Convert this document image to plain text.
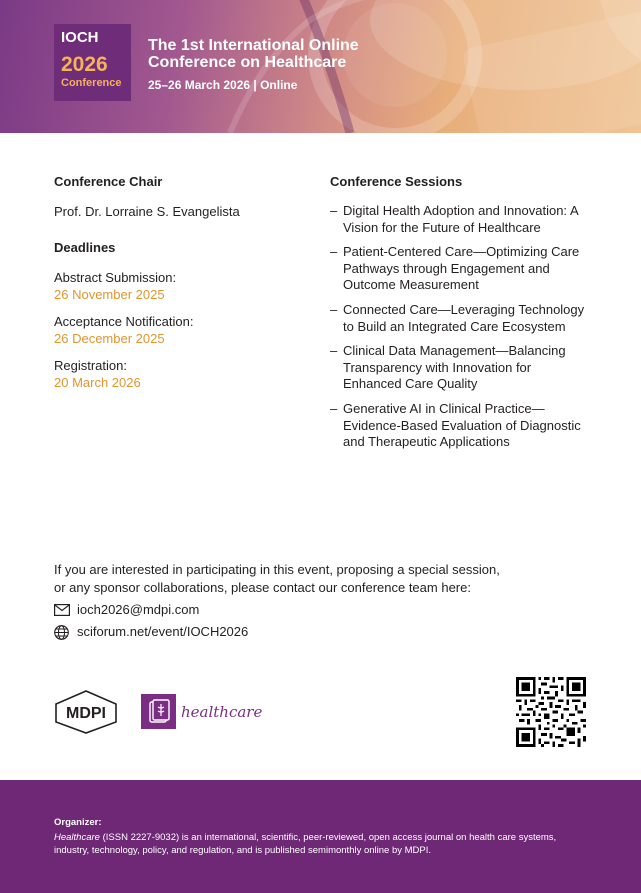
IOCH
2026
Conference
The 1st International Online Conference on Healthcare
25–26 March 2026 | Online
Conference Chair
Prof. Dr. Lorraine S. Evangelista
Deadlines
Abstract Submission:
26 November 2025
Acceptance Notification:
26 December 2025
Registration:
20 March 2026
Conference Sessions
– Digital Health Adoption and Innovation: A Vision for the Future of Healthcare
– Patient-Centered Care—Optimizing Care Pathways through Engagement and Outcome Measurement
– Connected Care—Leveraging Technology to Build an Integrated Care Ecosystem
– Clinical Data Management—Balancing Transparency with Innovation for Enhanced Care Quality
– Generative AI in Clinical Practice—Evidence-Based Evaluation of Diagnostic and Therapeutic Applications
If you are interested in participating in this event, proposing a special session,
or any sponsor collaborations, please contact our conference team here:
ioch2026@mdpi.com
sciforum.net/event/IOCH2026
MDPI	healthcare
Organizer:
Healthcare (ISSN 2227-9032) is an international, scientific, peer-reviewed, open access journal on health care systems, industry, technology, policy, and regulation, and is published semimonthly online by MDPI.
